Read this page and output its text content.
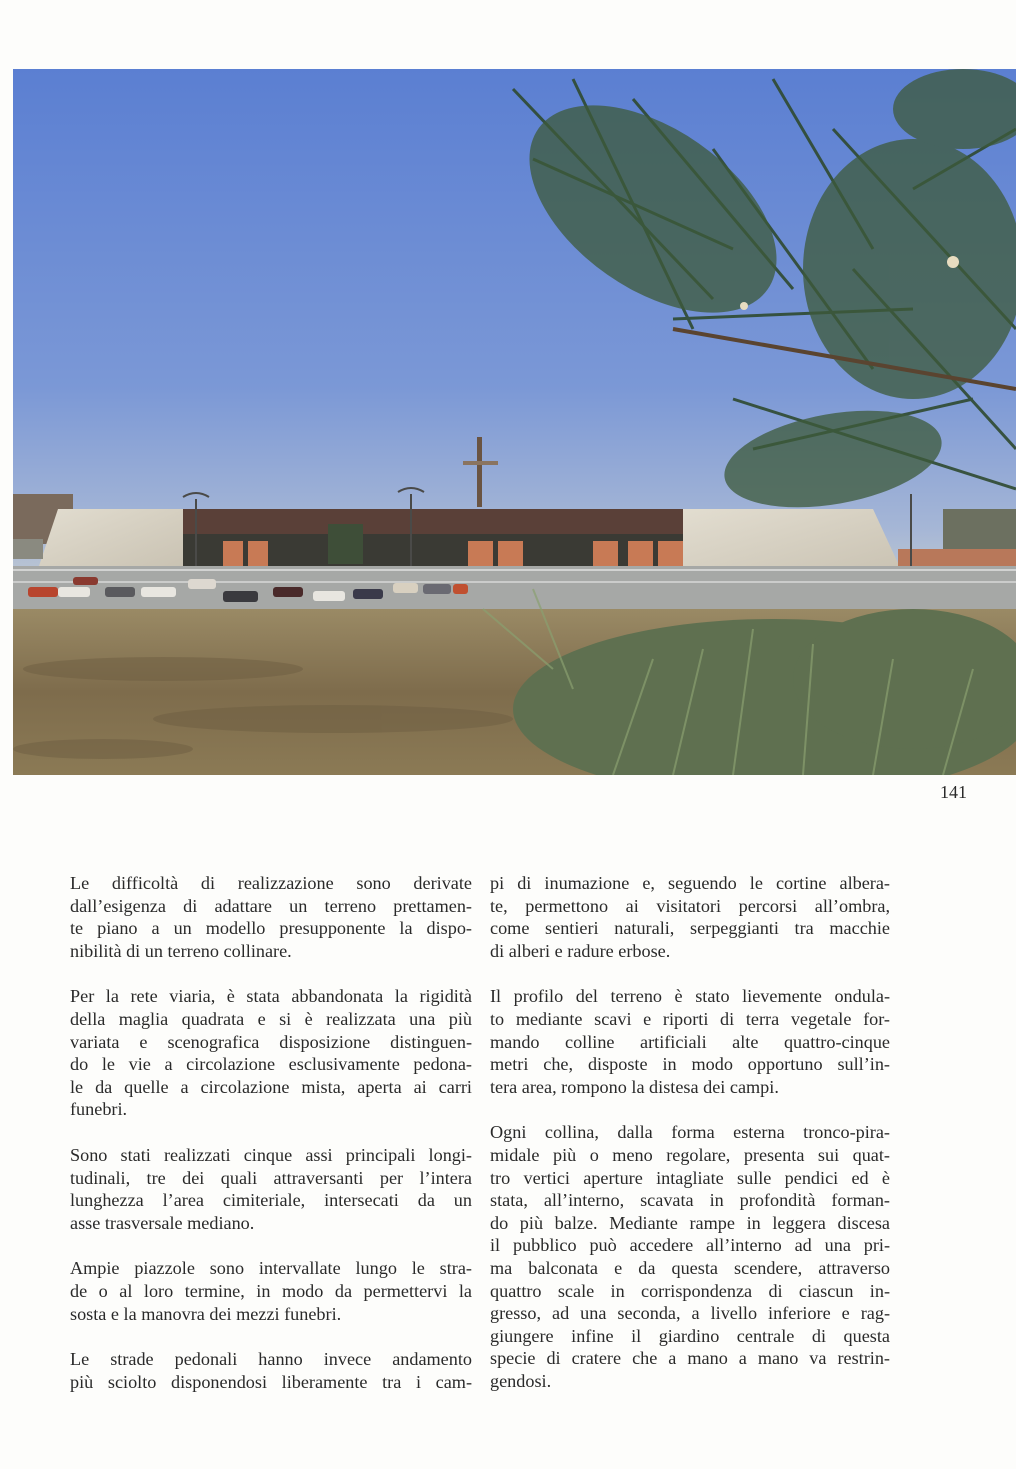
141

Le difficoltà di realizzazione sono derivate
dall’esigenza di adattare un terreno prettamen-
te piano a un modello presupponente la dispo-
nibilità di un terreno collinare.

Per la rete viaria, è stata abbandonata la rigidità
della maglia quadrata e si è realizzata una più
variata e scenografica disposizione distinguen-
do le vie a circolazione esclusivamente pedona-
le da quelle a circolazione mista, aperta ai carri
funebri.

Sono stati realizzati cinque assi principali longi-
tudinali, tre dei quali attraversanti per l’intera
lunghezza l’area cimiteriale, intersecati da un
asse trasversale mediano.

Ampie piazzole sono intervallate lungo le stra-
de o al loro termine, in modo da permettervi la
sosta e la manovra dei mezzi funebri.

Le strade pedonali hanno invece andamento
più sciolto disponendosi liberamente tra i cam-

pi di inumazione e, seguendo le cortine albera-
te, permettono ai visitatori percorsi all’ombra,
come sentieri naturali, serpeggianti tra macchie
di alberi e radure erbose.

Il profilo del terreno è stato lievemente ondula-
to mediante scavi e riporti di terra vegetale for-
mando colline artificiali alte quattro-cinque
metri che, disposte in modo opportuno sull’in-
tera area, rompono la distesa dei campi.

Ogni collina, dalla forma esterna tronco-pira-
midale più o meno regolare, presenta sui quat-
tro vertici aperture intagliate sulle pendici ed è
stata, all’interno, scavata in profondità forman-
do più balze. Mediante rampe in leggera discesa
il pubblico può accedere all’interno ad una pri-
ma balconata e da questa scendere, attraverso
quattro scale in corrispondenza di ciascun in-
gresso, ad una seconda, a livello inferiore e rag-
giungere infine il giardino centrale di questa
specie di cratere che a mano a mano va restrin-
gendosi.
